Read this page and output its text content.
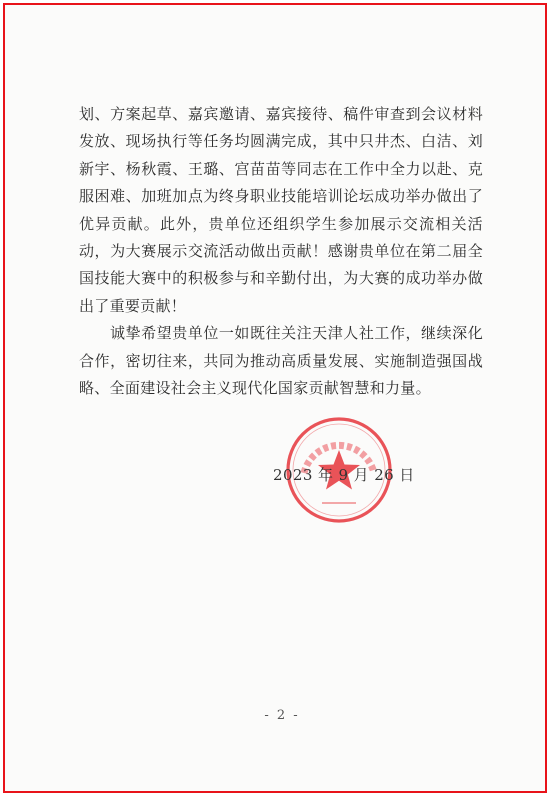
划、方案起草、嘉宾邀请、嘉宾接待、稿件审查到会议材料发放、现场执行等任务均圆满完成，其中只井杰、白洁、刘新宇、杨秋霞、王璐、宫苗苗等同志在工作中全力以赴、克服困难、加班加点为终身职业技能培训论坛成功举办做出了优异贡献。此外，贵单位还组织学生参加展示交流相关活动，为大赛展示交流活动做出贡献！感谢贵单位在第二届全国技能大赛中的积极参与和辛勤付出，为大赛的成功举办做出了重要贡献！

诚挚希望贵单位一如既往关注天津人社工作，继续深化合作，密切往来，共同为推动高质量发展、实施制造强国战略、全面建设社会主义现代化国家贡献智慧和力量。

2023 年 9 月 26 日
- 2 -
